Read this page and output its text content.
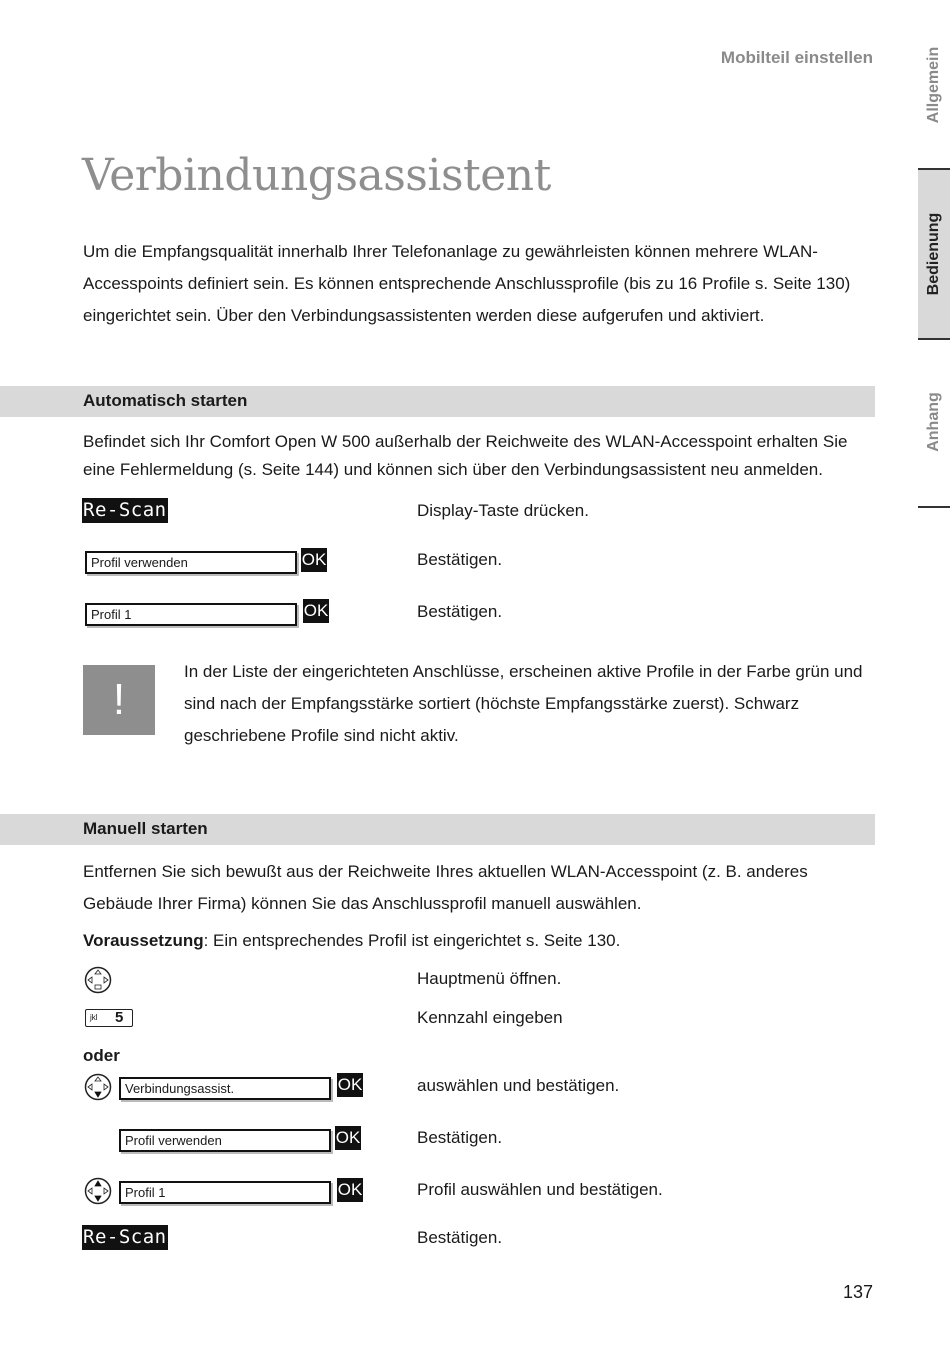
Mobilteil einstellen	Allgemein
Bedienung
Anhang
Verbindungsassistent
Um die Empfangsqualität innerhalb Ihrer Telefonanlage zu gewährleisten können mehrere WLAN-Accesspoints definiert sein. Es können entsprechende Anschlussprofile (bis zu 16 Profile s. Seite 130) eingerichtet sein. Über den Verbindungsassistenten werden diese aufgerufen und aktiviert.
Automatisch starten
Befindet sich Ihr Comfort Open W 500 außerhalb der Reichweite des WLAN-Accesspoint erhalten Sie eine Fehlermeldung (s. Seite 144) und können sich über den Verbindungsassistent neu anmelden.
Re-Scan	Display-Taste drücken.
Profil verwenden	OK	Bestätigen.
Profil 1	OK	Bestätigen.
!
In der Liste der eingerichteten Anschlüsse, erscheinen aktive Profile in der Farbe grün und sind nach der Empfangsstärke sortiert (höchste Empfangsstärke zuerst). Schwarz geschriebene Profile sind nicht aktiv.
Manuell starten
Entfernen Sie sich bewußt aus der Reichweite Ihres aktuellen WLAN-Accesspoint (z. B. anderes Gebäude Ihrer Firma) können Sie das Anschlussprofil manuell auswählen.
Voraussetzung: Ein entsprechendes Profil ist eingerichtet s. Seite 130.
Hauptmenü öffnen.
jkl 5	Kennzahl eingeben
oder
Verbindungsassist.	OK	auswählen und bestätigen.
Profil verwenden	OK	Bestätigen.
Profil 1	OK	Profil auswählen und bestätigen.
Re-Scan	Bestätigen.
137
